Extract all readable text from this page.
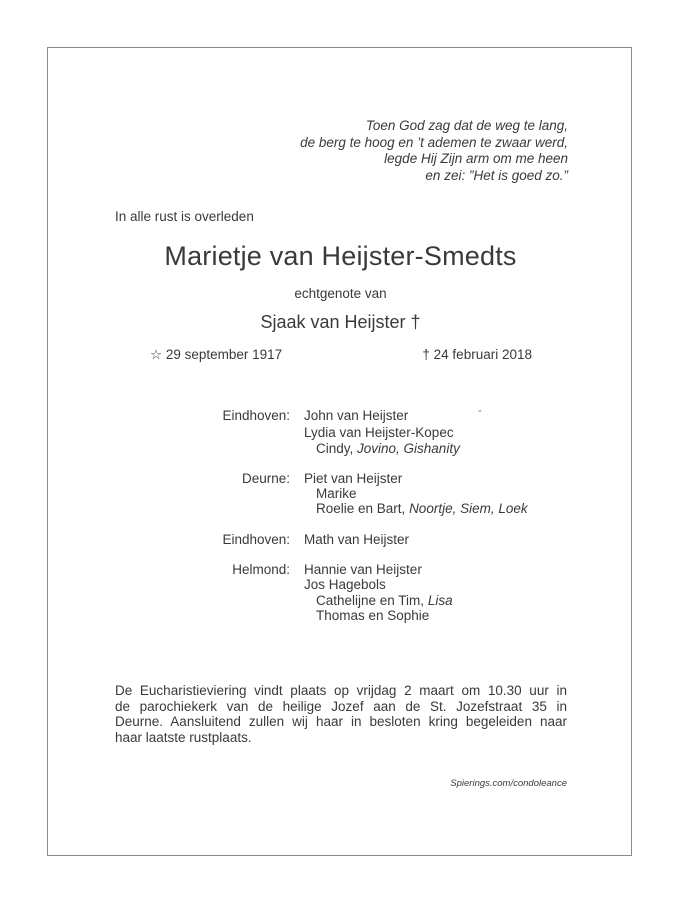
Toen God zag dat de weg te lang,
de berg te hoog en ’t ademen te zwaar werd,
legde Hij Zijn arm om me heen
en zei: ”Het is goed zo.”
In alle rust is overleden
Marietje van Heijster-Smedts
echtgenote van
Sjaak van Heijster †
☆ 29 september 1917	† 24 februari 2018
Eindhoven:	John van Heijster	$^ˇ$
Lydia van Heijster-Kopec
Cindy, Jovino, Gishanity
Deurne:	Piet van Heijster
Marike
Roelie en Bart, Noortje, Siem, Loek
Eindhoven:	Math van Heijster
Helmond:	Hannie van Heijster
Jos Hagebols
Cathelijne en Tim, Lisa
Thomas en Sophie
De Eucharistieviering vindt plaats op vrijdag 2 maart om 10.30 uur in
de parochiekerk van de heilige Jozef aan de St. Jozefstraat 35 in
Deurne. Aansluitend zullen wij haar in besloten kring begeleiden naar
haar laatste rustplaats.
Spierings.com/condoleance
